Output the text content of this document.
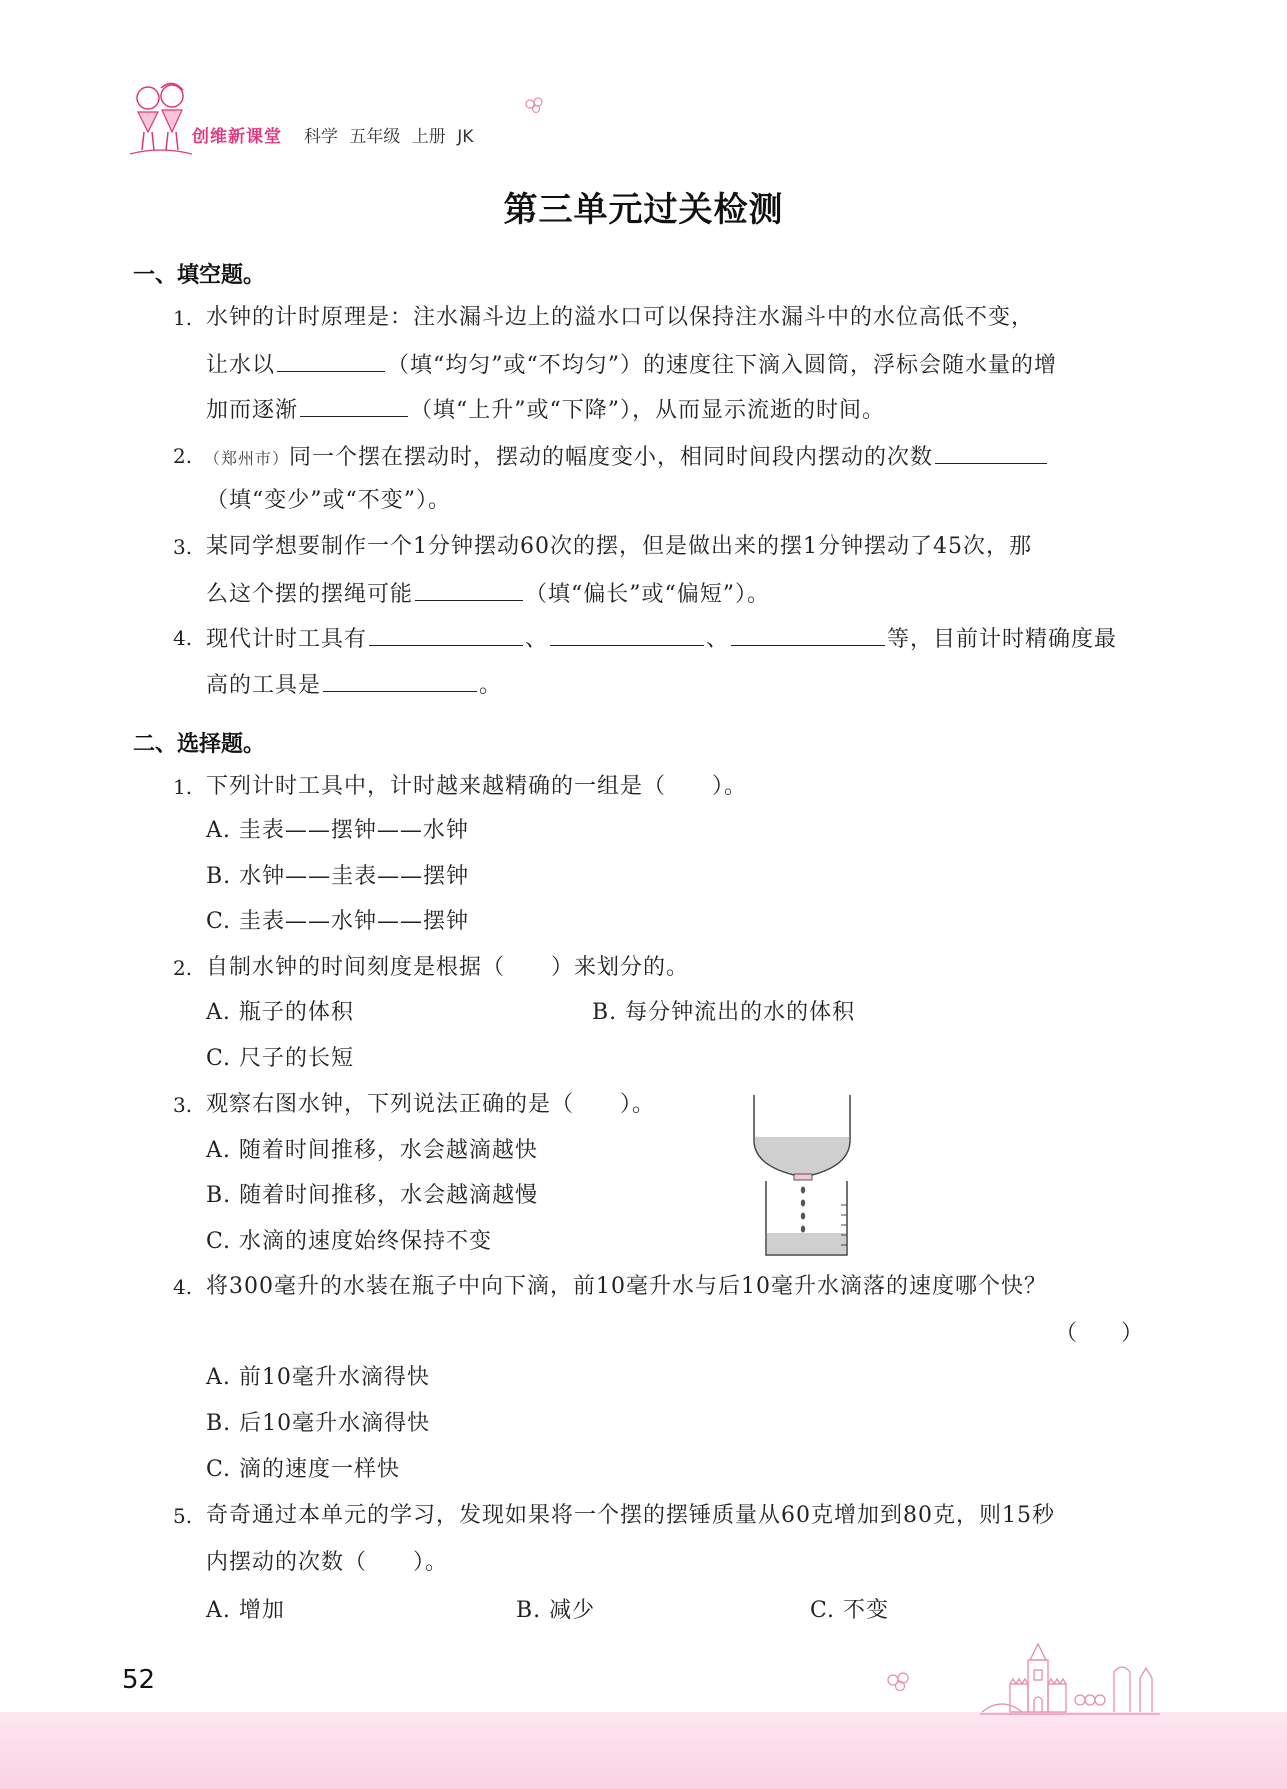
创维新课堂 科学 五年级 上册 JK
第三单元过关检测
一、填空题。
1. 水钟的计时原理是：注水漏斗边上的溢水口可以保持注水漏斗中的水位高低不变，
让水以	（填“均匀”或“不均匀”）的速度往下滴入圆筒，浮标会随水量的增
加而逐渐	（填“上升”或“下降”），从而显示流逝的时间。
2. （郑州市）同一个摆在摆动时，摆动的幅度变小，相同时间段内摆动的次数
（填“变少”或“不变”）。
3. 某同学想要制作一个1分钟摆动60次的摆，但是做出来的摆1分钟摆动了45次，那
么这个摆的摆绳可能	（填“偏长”或“偏短”）。
4. 现代计时工具有	、	、	等，目前计时精确度最
高的工具是	。
二、选择题。
1. 下列计时工具中，计时越来越精确的一组是（　　）。
A. 圭表——摆钟——水钟
B. 水钟——圭表——摆钟
C. 圭表——水钟——摆钟
2. 自制水钟的时间刻度是根据（　　）来划分的。
A. 瓶子的体积	B. 每分钟流出的水的体积
C. 尺子的长短
3. 观察右图水钟，下列说法正确的是（　　）。
A. 随着时间推移，水会越滴越快
B. 随着时间推移，水会越滴越慢
C. 水滴的速度始终保持不变
4. 将300毫升的水装在瓶子中向下滴，前10毫升水与后10毫升水滴落的速度哪个快？
（　　）
A. 前10毫升水滴得快
B. 后10毫升水滴得快
C. 滴的速度一样快
5. 奇奇通过本单元的学习，发现如果将一个摆的摆锤质量从60克增加到80克，则15秒
内摆动的次数（　　）。
A. 增加	B. 减少	C. 不变
52
